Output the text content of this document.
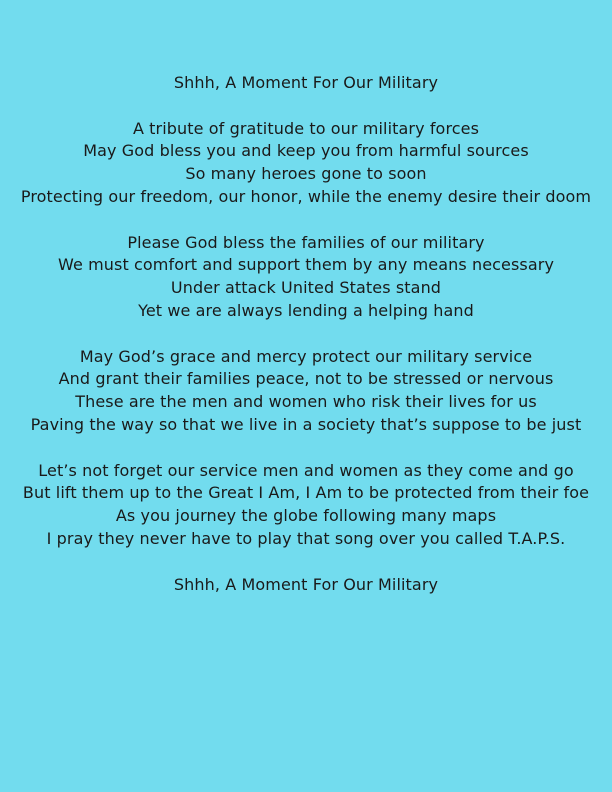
Shhh, A Moment For Our Military
A tribute of gratitude to our military forces
May God bless you and keep you from harmful sources
So many heroes gone to soon
Protecting our freedom, our honor, while the enemy desire their doom
Please God bless the families of our military
We must comfort and support them by any means necessary
Under attack United States stand
Yet we are always lending a helping hand
May God’s grace and mercy protect our military service
And grant their families peace, not to be stressed or nervous
These are the men and women who risk their lives for us
Paving the way so that we live in a society that’s suppose to be just
Let’s not forget our service men and women as they come and go
But lift them up to the Great I Am, I Am to be protected from their foe
As you journey the globe following many maps
I pray they never have to play that song over you called T.A.P.S.
Shhh, A Moment For Our Military
